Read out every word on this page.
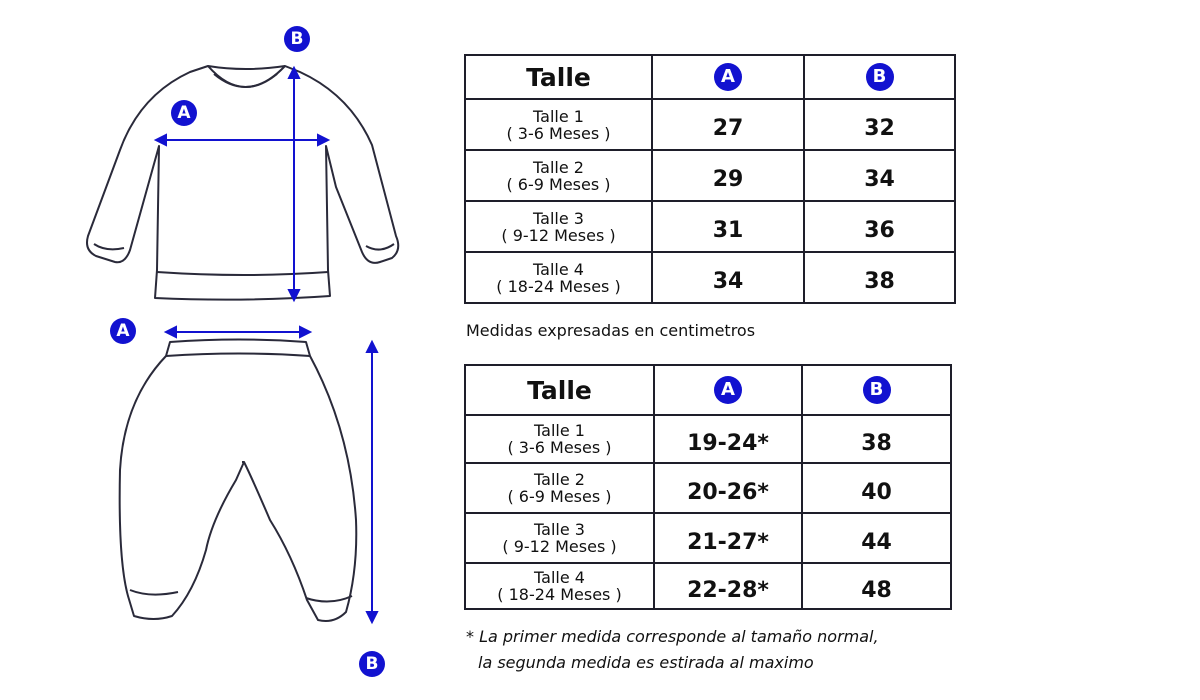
B
A
A
B
Talle	A	B

Talle 1
( 3-6 Meses )	27	32

Talle 2
( 6-9 Meses )	29	34

Talle 3
( 9-12 Meses )	31	36

Talle 4
( 18-24 Meses )	34	38
Medidas expresadas en centimetros
Talle	A	B

Talle 1
( 3-6 Meses )	19-24*	38

Talle 2
( 6-9 Meses )	20-26*	40

Talle 3
( 9-12 Meses )	21-27*	44

Talle 4
( 18-24 Meses )	22-28*	48
* La primer medida corresponde al tamaño normal,
la segunda medida es estirada al maximo
